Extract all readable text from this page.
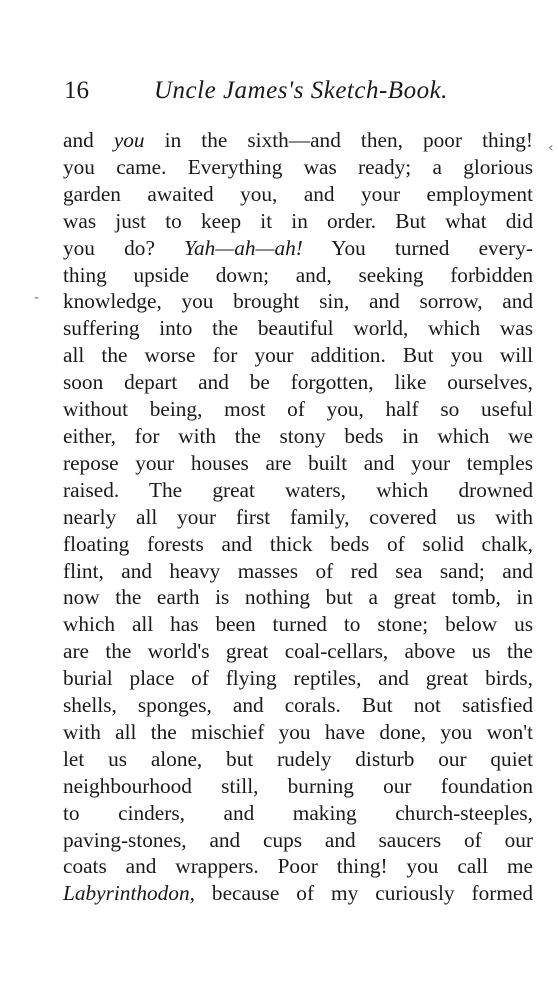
16	Uncle James's Sketch-Book.
and you in the sixth—and then, poor thing!
you came. Everything was ready; a glorious
garden awaited you, and your employment
was just to keep it in order. But what did
you do? Yah—ah—ah! You turned every-
thing upside down; and, seeking forbidden
knowledge, you brought sin, and sorrow, and
suffering into the beautiful world, which was
all the worse for your addition. But you will
soon depart and be forgotten, like ourselves,
without being, most of you, half so useful
either, for with the stony beds in which we
repose your houses are built and your temples
raised. The great waters, which drowned
nearly all your first family, covered us with
floating forests and thick beds of solid chalk,
flint, and heavy masses of red sea sand; and
now the earth is nothing but a great tomb, in
which all has been turned to stone; below us
are the world's great coal-cellars, above us the
burial place of flying reptiles, and great birds,
shells, sponges, and corals. But not satisfied
with all the mischief you have done, you won't
let us alone, but rudely disturb our quiet
neighbourhood still, burning our foundation
to cinders, and making church-steeples,
paving-stones, and cups and saucers of our
coats and wrappers. Poor thing! you call me
Labyrinthodon, because of my curiously formed
‹
-
